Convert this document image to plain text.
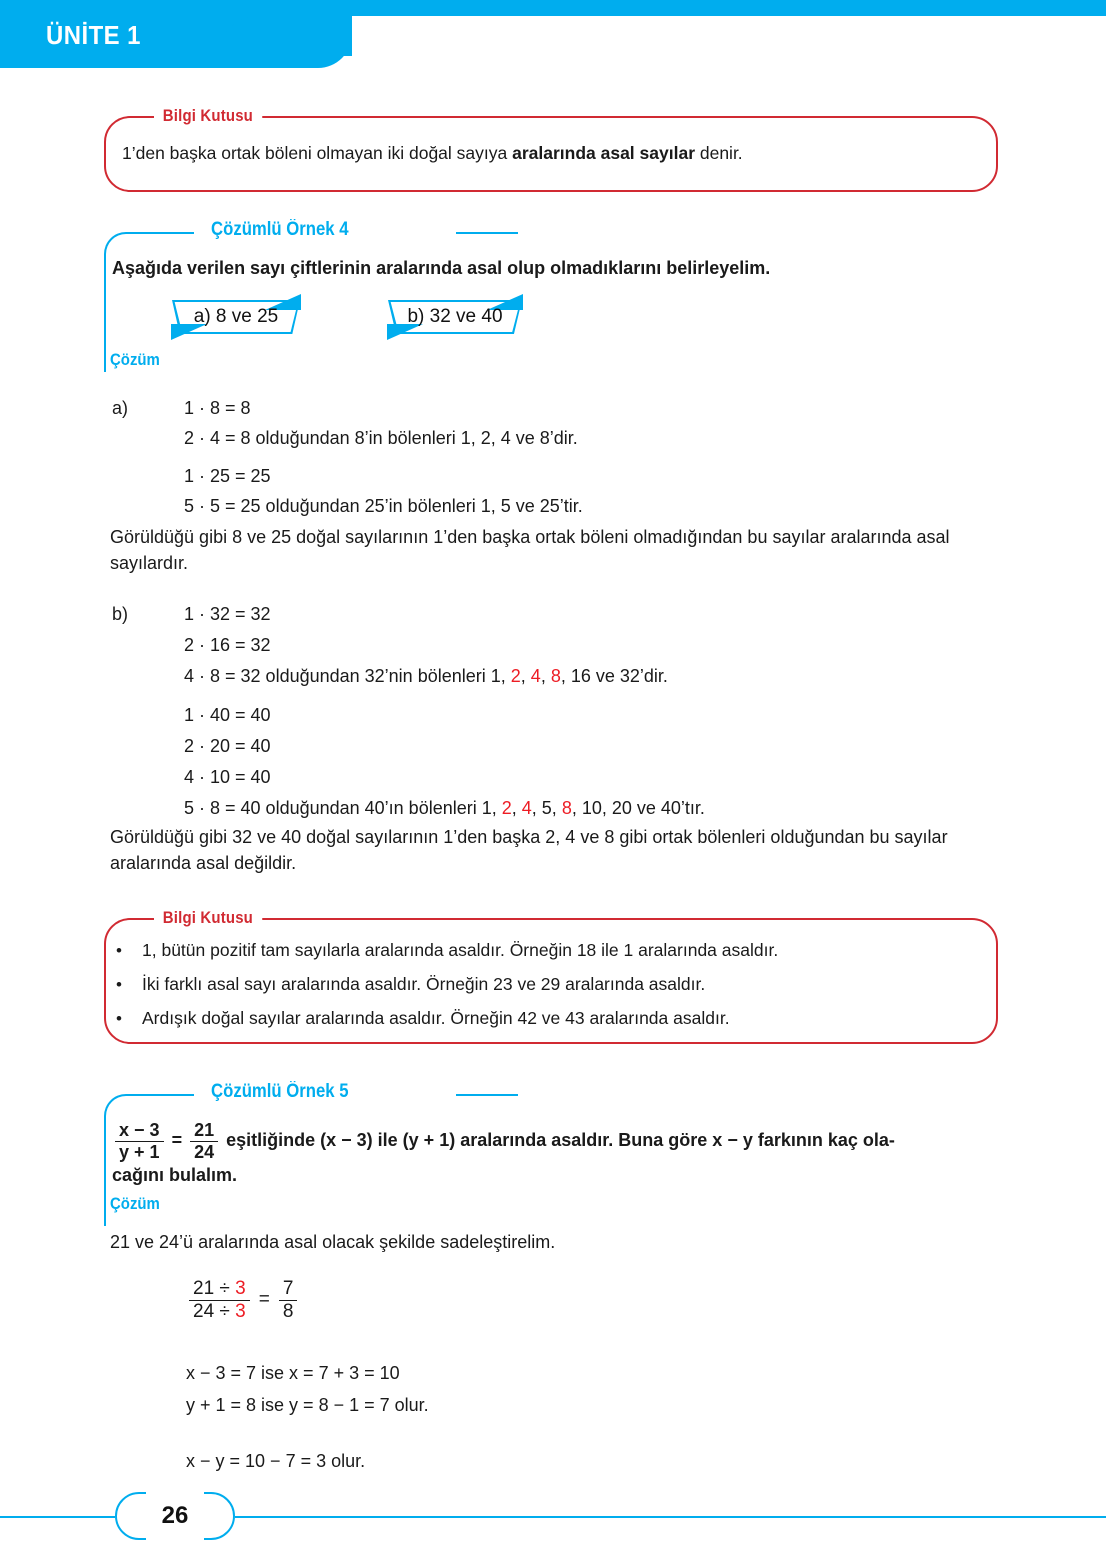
ÜNİTE 1
Bilgi Kutusu
1’den başka ortak böleni olmayan iki doğal sayıya aralarında asal sayılar denir.
Çözümlü Örnek 4
Aşağıda verilen sayı çiftlerinin aralarında asal olup olmadıklarını belirleyelim.
a) 8 ve 25	b) 32 ve 40
Çözüm
a)	1 · 8 = 8
2 · 4 = 8 olduğundan 8’in bölenleri 1, 2, 4 ve 8’dir.
1 · 25 = 25
5 · 5 = 25 olduğundan 25’in bölenleri 1, 5 ve 25’tir.
Görüldüğü gibi 8 ve 25 doğal sayılarının 1’den başka ortak böleni olmadığından bu sayılar aralarında asal sayılardır.
b)	1 · 32 = 32
2 · 16 = 32
4 · 8 = 32 olduğundan 32’nin bölenleri 1, 2, 4, 8, 16 ve 32’dir.
1 · 40 = 40
2 · 20 = 40
4 · 10 = 40
5 · 8 = 40 olduğundan 40’ın bölenleri 1, 2, 4, 5, 8, 10, 20 ve 40’tır.
Görüldüğü gibi 32 ve 40 doğal sayılarının 1’den başka 2, 4 ve 8 gibi ortak bölenleri olduğundan bu sayılar aralarında asal değildir.
Bilgi Kutusu
•	1, bütün pozitif tam sayılarla aralarında asaldır. Örneğin 18 ile 1 aralarında asaldır.
•	İki farklı asal sayı aralarında asaldır. Örneğin 23 ve 29 aralarında asaldır.
•	Ardışık doğal sayılar aralarında asaldır. Örneğin 42 ve 43 aralarında asaldır.
Çözümlü Örnek 5
$\frac{x - 3}{y + 1} = \frac{21}{24}$ eşitliğinde (x − 3) ile (y + 1) aralarında asaldır. Buna göre x − y farkının kaç ola-
cağını bulalım.
Çözüm
21 ve 24’ü aralarında asal olacak şekilde sadeleştirelim.
$\frac{21 \div 3}{24 \div 3} = \frac{7}{8}$
x − 3 = 7 ise x = 7 + 3 = 10
y + 1 = 8 ise y = 8 − 1 = 7 olur.
x − y = 10 − 7 = 3 olur.
26
